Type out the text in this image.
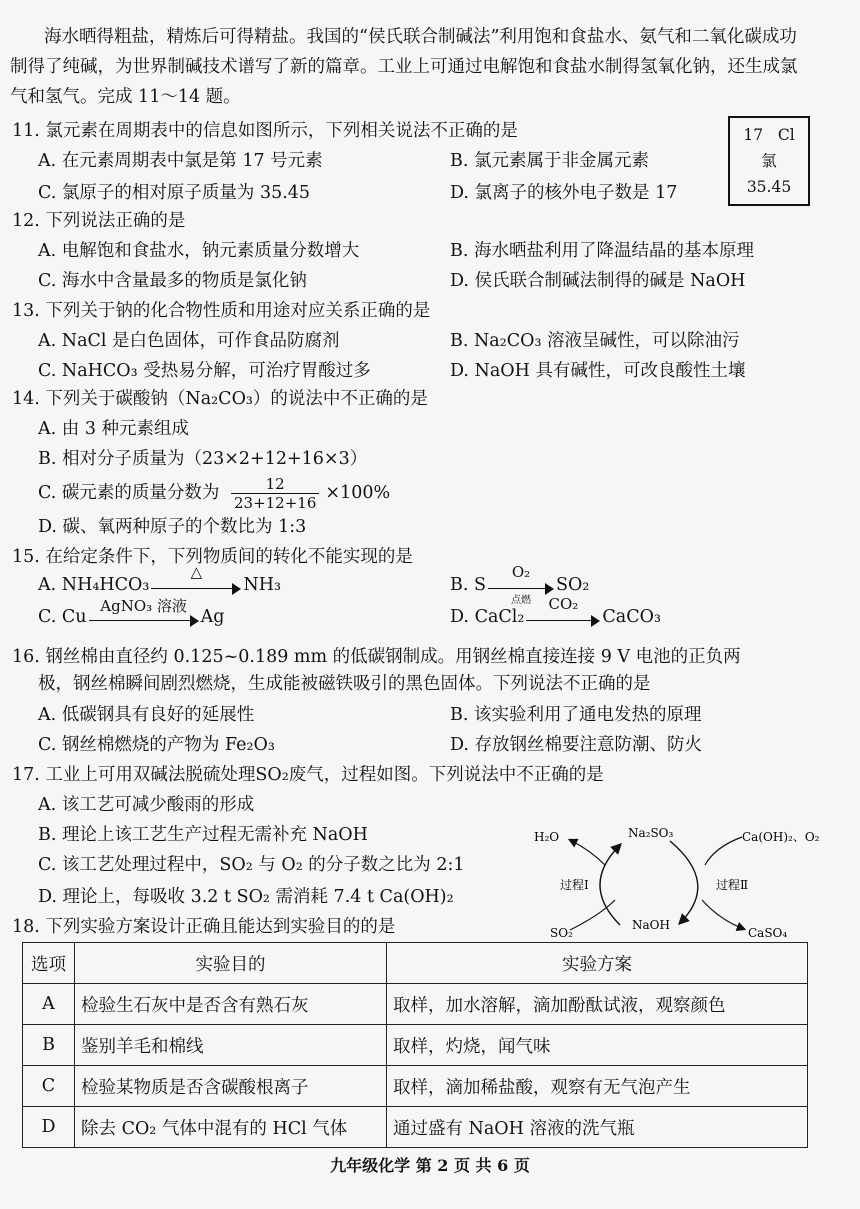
海水晒得粗盐，精炼后可得精盐。我国的“侯氏联合制碱法”利用饱和食盐水、氨气和二氧化碳成功制得了纯碱，为世界制碱技术谱写了新的篇章。工业上可通过电解饱和食盐水制得氢氧化钠，还生成氯气和氢气。完成 11～14 题。

17 Cl
氯
35.45
11. 氯元素在周期表中的信息如图所示，下列相关说法不正确的是
A. 在元素周期表中氯是第 17 号元素	B. 氯元素属于非金属元素
C. 氯原子的相对原子质量为 35.45	D. 氯离子的核外电子数是 17
12. 下列说法正确的是
A. 电解饱和食盐水，钠元素质量分数增大	B. 海水晒盐利用了降温结晶的基本原理
C. 海水中含量最多的物质是氯化钠	D. 侯氏联合制碱法制得的碱是 NaOH
13. 下列关于钠的化合物性质和用途对应关系正确的是
A. NaCl 是白色固体，可作食品防腐剂	B. Na₂CO₃ 溶液呈碱性，可以除油污
C. NaHCO₃ 受热易分解，可治疗胃酸过多	D. NaOH 具有碱性，可改良酸性土壤
14. 下列关于碳酸钠（Na₂CO₃）的说法中不正确的是
A. 由 3 种元素组成
B. 相对分子质量为（23×2+12+16×3）
C. 碳元素的质量分数为 $\frac{12}{23+12+16} \times 100\%$
D. 碳、氧两种原子的个数比为 1:3
15. 在给定条件下，下列物质间的转化不能实现的是
A. NH₄HCO₃
△
NH₃	B. S
O₂
点燃
SO₂
C. Cu
AgNO₃ 溶液
Ag	D. CaCl₂
CO₂
CaCO₃
16. 钢丝棉由直径约 0.125~0.189 mm 的低碳钢制成。用钢丝棉直接连接 9 V 电池的正负两
极，钢丝棉瞬间剧烈燃烧，生成能被磁铁吸引的黑色固体。下列说法不正确的是
A. 低碳钢具有良好的延展性	B. 该实验利用了通电发热的原理
C. 钢丝棉燃烧的产物为 Fe₂O₃	D. 存放钢丝棉要注意防潮、防火
17. 工业上可用双碱法脱硫处理SO₂废气，过程如图。下列说法中不正确的是
A. 该工艺可减少酸雨的形成
B. 理论上该工艺生产过程无需补充 NaOH
C. 该工艺处理过程中，SO₂ 与 O₂ 的分子数之比为 2:1
D. 理论上，每吸收 3.2 t SO₂ 需消耗 7.4 t Ca(OH)₂
H₂O	Na₂SO₃	Ca(OH)₂、O₂
过程Ⅰ	过程Ⅱ
SO₂
NaOH
CaSO₄
18. 下列实验方案设计正确且能达到实验目的的是
选项	实验目的	实验方案
A	检验生石灰中是否含有熟石灰	取样，加水溶解，滴加酚酞试液，观察颜色
B	鉴别羊毛和棉线	取样，灼烧，闻气味
C	检验某物质是否含碳酸根离子	取样，滴加稀盐酸，观察有无气泡产生
D	除去 CO₂ 气体中混有的 HCl 气体	通过盛有 NaOH 溶液的洗气瓶
九年级化学 第 2 页 共 6 页
